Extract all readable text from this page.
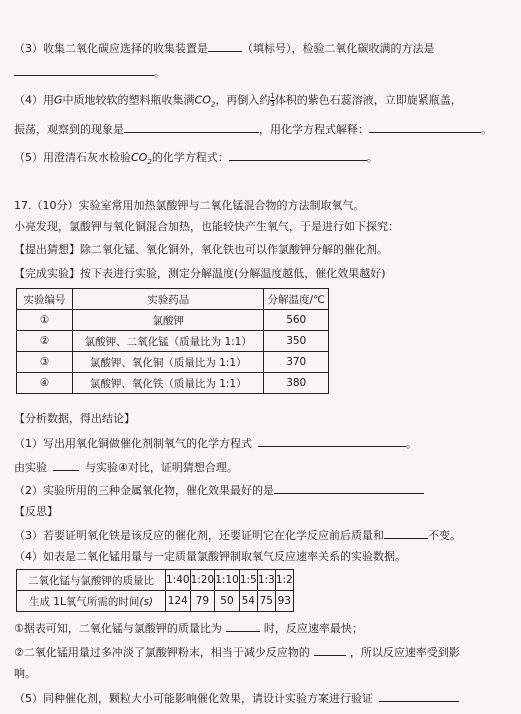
（3）收集二氧化碳应选择的收集装置是	（填标号），检验二氧化碳收满的方法是
。
（4）用G中质地较软的塑料瓶收集满$CO_2$，再倒入约 $\frac{1}{3}$ 体积的紫色石蕊溶液，立即旋紧瓶盖，
振荡，观察到的现象是	，用化学方程式解释：	。
（5）用澄清石灰水检验$CO_2$的化学方程式：	。
17.（10分）实验室常用加热氯酸钾与二氧化锰混合物的方法制取氧气。
小亮发现，氯酸钾与氧化铜混合加热，也能较快产生氧气，于是进行如下探究：
【提出猜想】除二氧化锰、氧化铜外，氧化铁也可以作氯酸钾分解的催化剂。
【完成实验】按下表进行实验，测定分解温度(分解温度越低，催化效果越好)
实验编号	实验药品	分解温度/℃
①	氯酸钾	560
②	氯酸钾、二氧化锰（质量比为 1:1）	350
③	氯酸钾、氧化铜（质量比为 1:1）	370
④	氯酸钾、氧化铁（质量比为 1:1）	380
【分析数据，得出结论】
（1）写出用氧化铜做催化剂制氧气的化学方程式	。
由实验	与实验④对比，证明猜想合理。
（2）实验所用的三种金属氧化物，催化效果最好的是
【反思】
（3）若要证明氧化铁是该反应的催化剂，还要证明它在化学反应前后质量和	不变。
（4）如表是二氧化锰用量与一定质量氯酸钾制取氧气反应速率关系的实验数据。
二氧化锰与氯酸钾的质量比	1:40	1:20	1:10	1:5	1:3	1:2
生成 1L氧气所需的时间(s)	124	79	50	54	75	93
①据表可知，二氧化锰与氯酸钾的质量比为	时，反应速率最快；
②二氧化锰用量过多冲淡了氯酸钾粉末，相当于减少反应物的	，所以反应速率受到影
响。
（5）同种催化剂，颗粒大小可能影响催化效果，请设计实验方案进行验证
